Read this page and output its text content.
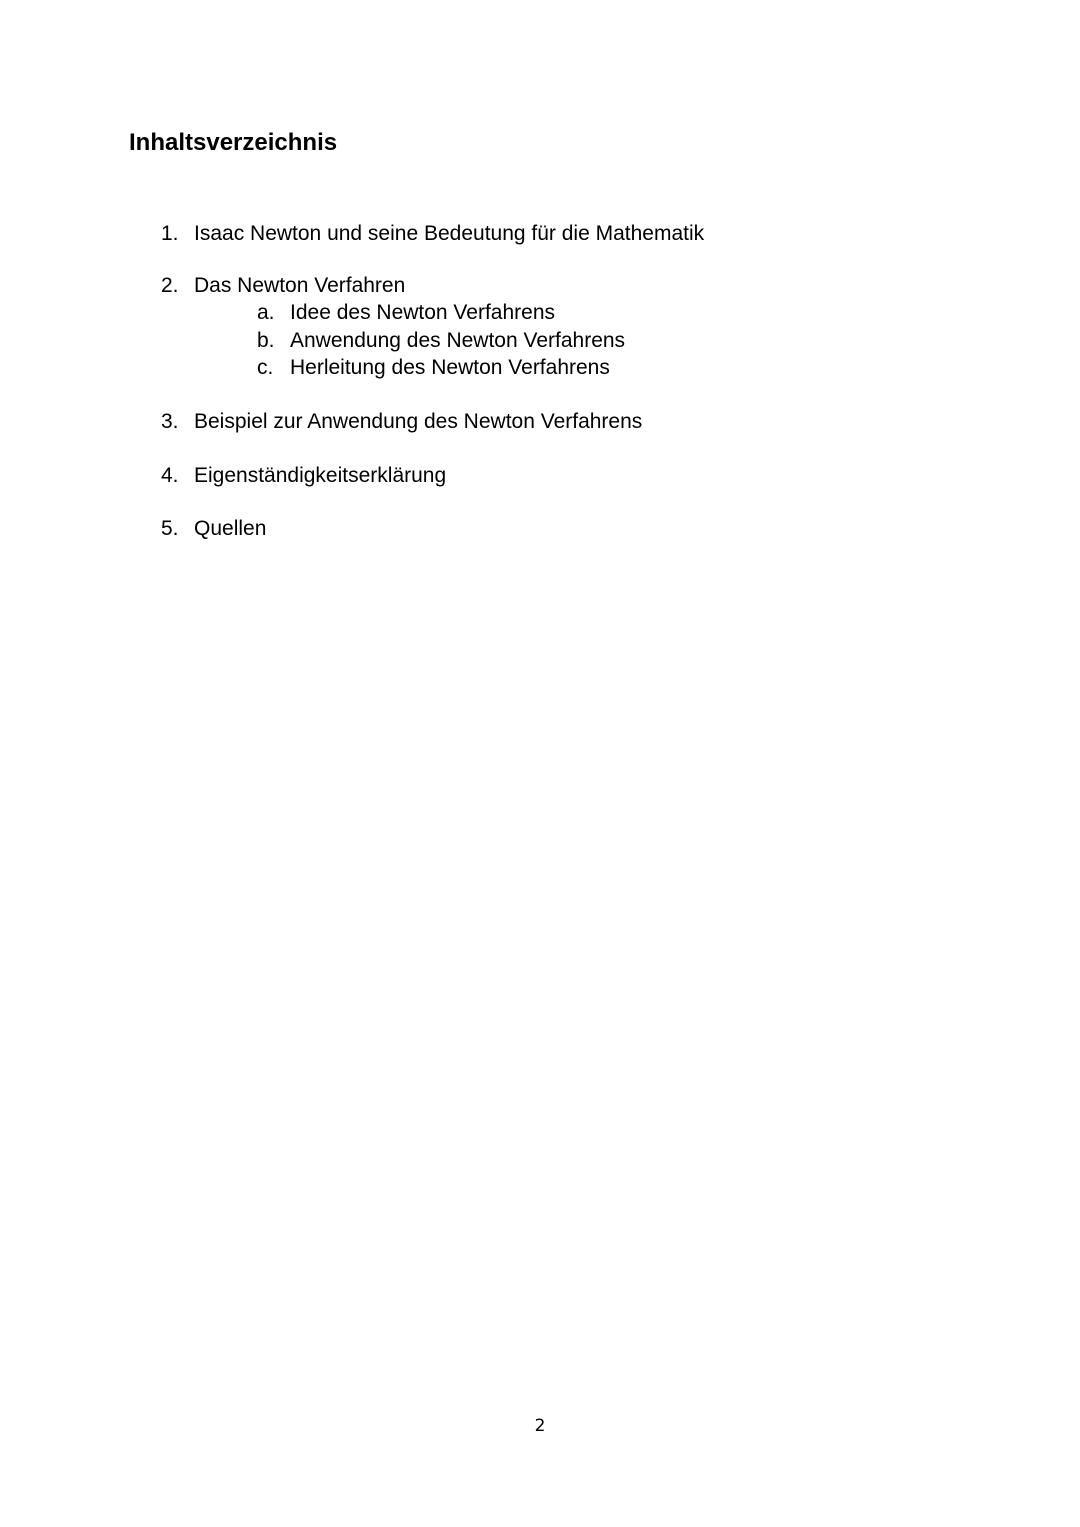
Inhaltsverzeichnis
1. Isaac Newton und seine Bedeutung für die Mathematik
2. Das Newton Verfahren
a. Idee des Newton Verfahrens
b. Anwendung des Newton Verfahrens
c. Herleitung des Newton Verfahrens
3. Beispiel zur Anwendung des Newton Verfahrens
4. Eigenständigkeitserklärung
5. Quellen
2
